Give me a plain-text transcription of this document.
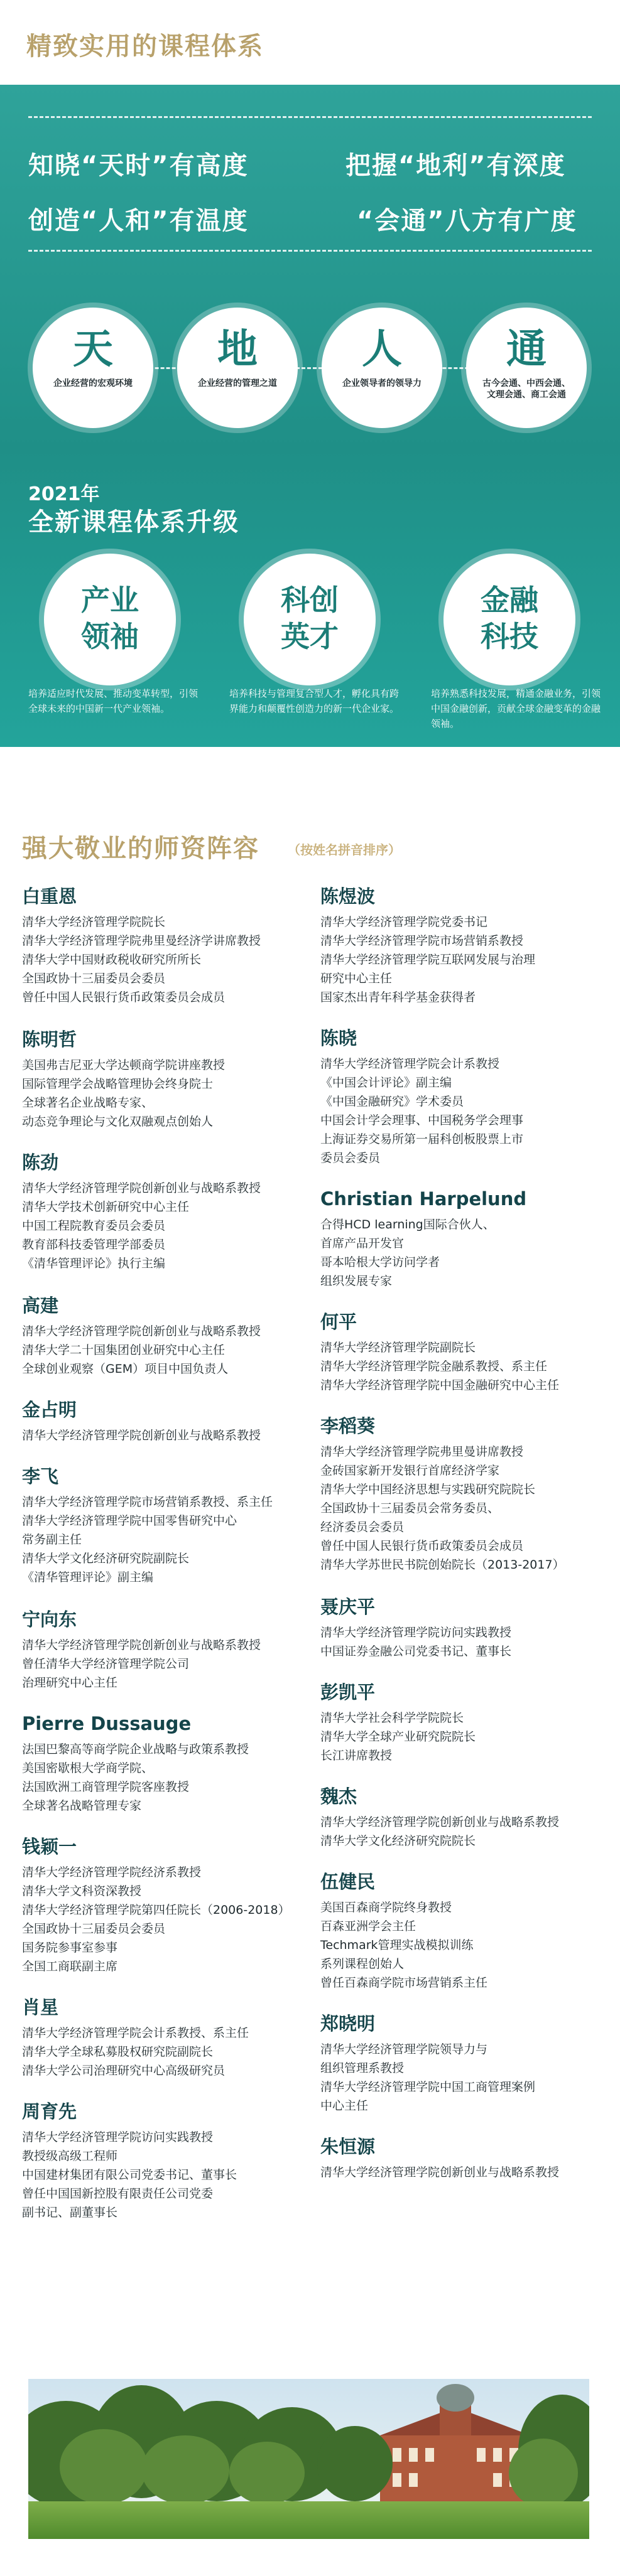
精致实用的课程体系
知晓“天时”有高度	把握“地利”有深度
创造“人和”有温度	“会通”八方有广度
天
企业经营的宏观环境
地
企业经营的管理之道
人
企业领导者的领导力
通
古今会通、中西会通、文理会通、商工会通
2021年
全新课程体系升级
产业
领袖
科创
英才
金融
科技
培养适应时代发展、推动变革转型，引领全球未来的中国新一代产业领袖。
培养科技与管理复合型人才，孵化具有跨界能力和颠覆性创造力的新一代企业家。
培养熟悉科技发展，精通金融业务，引领中国金融创新，贡献全球金融变革的金融领袖。
强大敬业的师资阵容 （按姓名拼音排序）
白重恩
清华大学经济管理学院院长
清华大学经济管理学院弗里曼经济学讲席教授
清华大学中国财政税收研究所所长
全国政协十三届委员会委员
曾任中国人民银行货币政策委员会成员
陈明哲
美国弗吉尼亚大学达顿商学院讲座教授
国际管理学会战略管理协会终身院士
全球著名企业战略专家、
动态竞争理论与文化双融观点创始人
陈劲
清华大学经济管理学院创新创业与战略系教授
清华大学技术创新研究中心主任
中国工程院教育委员会委员
教育部科技委管理学部委员
《清华管理评论》执行主编
高建
清华大学经济管理学院创新创业与战略系教授
清华大学二十国集团创业研究中心主任
全球创业观察（GEM）项目中国负责人
金占明
清华大学经济管理学院创新创业与战略系教授
李飞
清华大学经济管理学院市场营销系教授、系主任
清华大学经济管理学院中国零售研究中心
常务副主任
清华大学文化经济研究院副院长
《清华管理评论》副主编
宁向东
清华大学经济管理学院创新创业与战略系教授
曾任清华大学经济管理学院公司
治理研究中心主任
Pierre Dussauge
法国巴黎高等商学院企业战略与政策系教授
美国密歇根大学商学院、
法国欧洲工商管理学院客座教授
全球著名战略管理专家
钱颖一
清华大学经济管理学院经济系教授
清华大学文科资深教授
清华大学经济管理学院第四任院长（2006-2018）
全国政协十三届委员会委员
国务院参事室参事
全国工商联副主席
肖星
清华大学经济管理学院会计系教授、系主任
清华大学全球私募股权研究院副院长
清华大学公司治理研究中心高级研究员
周育先
清华大学经济管理学院访问实践教授
教授级高级工程师
中国建材集团有限公司党委书记、董事长
曾任中国国新控股有限责任公司党委
副书记、副董事长
陈煜波
清华大学经济管理学院党委书记
清华大学经济管理学院市场营销系教授
清华大学经济管理学院互联网发展与治理
研究中心主任
国家杰出青年科学基金获得者
陈晓
清华大学经济管理学院会计系教授
《中国会计评论》副主编
《中国金融研究》学术委员
中国会计学会理事、中国税务学会理事
上海证券交易所第一届科创板股票上市
委员会委员
Christian Harpelund
合得HCD learning国际合伙人、
首席产品开发官
哥本哈根大学访问学者
组织发展专家
何平
清华大学经济管理学院副院长
清华大学经济管理学院金融系教授、系主任
清华大学经济管理学院中国金融研究中心主任
李稻葵
清华大学经济管理学院弗里曼讲席教授
金砖国家新开发银行首席经济学家
清华大学中国经济思想与实践研究院院长
全国政协十三届委员会常务委员、
经济委员会委员
曾任中国人民银行货币政策委员会成员
清华大学苏世民书院创始院长（2013-2017）
聂庆平
清华大学经济管理学院访问实践教授
中国证券金融公司党委书记、董事长
彭凯平
清华大学社会科学学院院长
清华大学全球产业研究院院长
长江讲席教授
魏杰
清华大学经济管理学院创新创业与战略系教授
清华大学文化经济研究院院长
伍健民
美国百森商学院终身教授
百森亚洲学会主任
Techmark管理实战模拟训练
系列课程创始人
曾任百森商学院市场营销系主任
郑晓明
清华大学经济管理学院领导力与
组织管理系教授
清华大学经济管理学院中国工商管理案例
中心主任
朱恒源
清华大学经济管理学院创新创业与战略系教授
